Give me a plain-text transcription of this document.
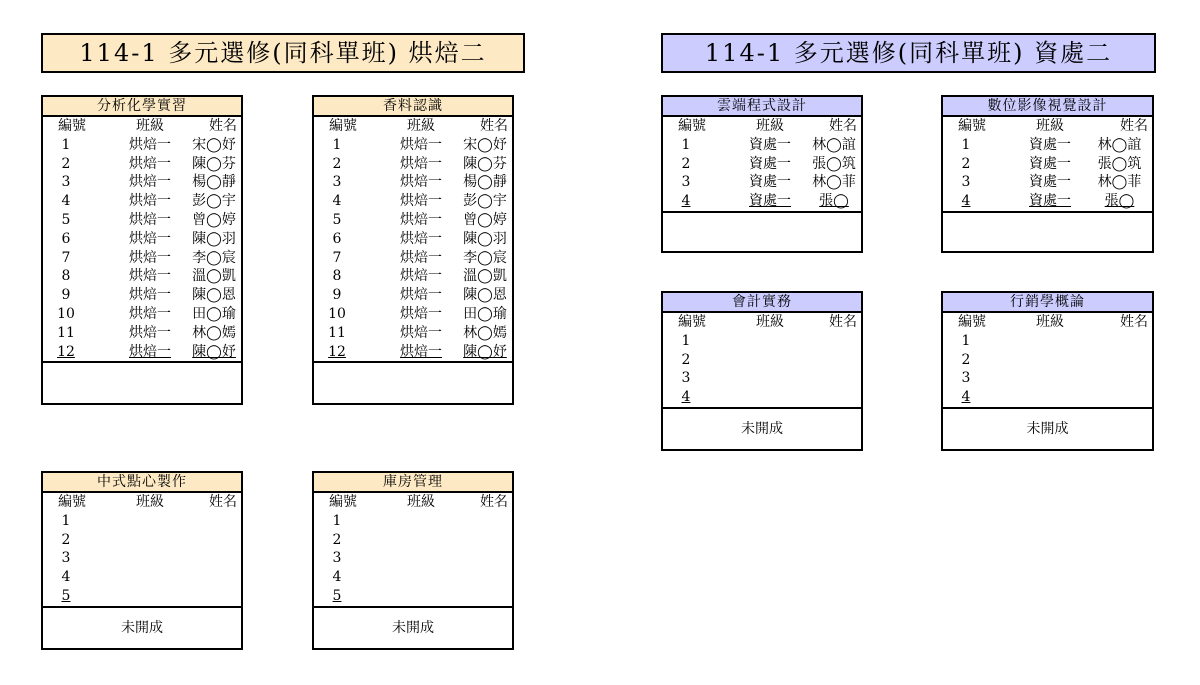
114-1 多元選修(同科單班) 烘焙二	114-1 多元選修(同科單班) 資處二
分析化學實習
編號	班級	姓名
1	烘焙一	宋◯妤
2	烘焙一	陳◯芬
3	烘焙一	楊◯靜
4	烘焙一	彭◯宇
5	烘焙一	曾◯婷
6	烘焙一	陳◯羽
7	烘焙一	李◯宸
8	烘焙一	溫◯凱
9	烘焙一	陳◯恩
10	烘焙一	田◯瑜
11	烘焙一	林◯嫣
12	烘焙一	陳◯妤
香料認識
編號	班級	姓名
1	烘焙一	宋◯妤
2	烘焙一	陳◯芬
3	烘焙一	楊◯靜
4	烘焙一	彭◯宇
5	烘焙一	曾◯婷
6	烘焙一	陳◯羽
7	烘焙一	李◯宸
8	烘焙一	溫◯凱
9	烘焙一	陳◯恩
10	烘焙一	田◯瑜
11	烘焙一	林◯嫣
12	烘焙一	陳◯妤
中式點心製作
編號	班級	姓名
1
2
3
4
5
未開成
庫房管理
編號	班級	姓名
1
2
3
4
5
未開成
雲端程式設計
編號	班級	姓名
1	資處一	林◯誼
2	資處一	張◯筑
3	資處一	林◯菲
4	資處一	張◯
數位影像視覺設計
編號	班級	姓名
1	資處一	林◯誼
2	資處一	張◯筑
3	資處一	林◯菲
4	資處一	張◯
會計實務
編號	班級	姓名
1
2
3
4
未開成
行銷學概論
編號	班級	姓名
1
2
3
4
未開成
